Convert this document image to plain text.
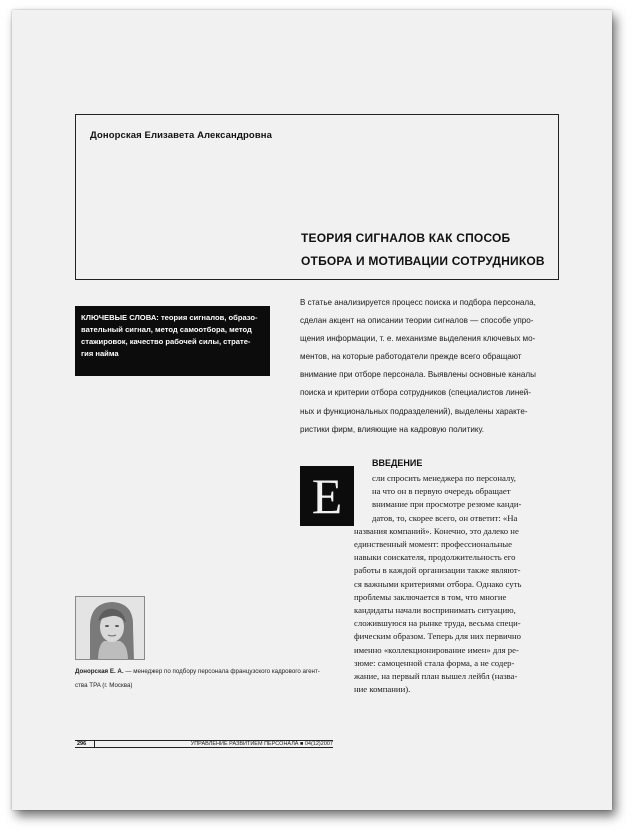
Донорская Елизавета Александровна
ТЕОРИЯ СИГНАЛОВ КАК СПОСОБ
ОТБОРА И МОТИВАЦИИ СОТРУДНИКОВ
КЛЮЧЕВЫЕ СЛОВА: теория сигналов, образо-
вательный сигнал, метод самоотбора, метод
стажировок, качество рабочей силы, страте-
гия найма
В статье анализируется процесс поиска и подбора персонала,
сделан акцент на описании теории сигналов — способе упро-
щения информации, т. е. механизме выделения ключевых мо-
ментов, на которые работодатели прежде всего обращают
внимание при отборе персонала. Выявлены основные каналы
поиска и критерии отбора сотрудников (специалистов линей-
ных и функциональных подразделений), выделены характе-
ристики фирм, влияющие на кадровую политику.
ВВЕДЕНИЕ
Е	сли спросить менеджера по персоналу,
на что он в первую очередь обращает
внимание при просмотре резюме канди-
датов, то, скорее всего, он ответит: «На
названия компаний». Конечно, это далеко не
единственный момент: профессиональные
навыки соискателя, продолжительность его
работы в каждой организации также являют-
ся важными критериями отбора. Однако суть
проблемы заключается в том, что многие
кандидаты начали воспринимать ситуацию,
сложившуюся на рынке труда, весьма специ-
фическим образом. Теперь для них первично
именно «коллекционирование имен» для ре-
зюме: самоценной стала форма, а не содер-
жание, на первый план вышел лейбл (назва-
ние компании).
Донорская Е. А. — менеджер по подбору персонала французского кадрового агент-
ства TPA (г. Москва)
296	УПРАВЛЕНИЕ РАЗВИТИЕМ ПЕРСОНАЛА ■ 04(12)2007
